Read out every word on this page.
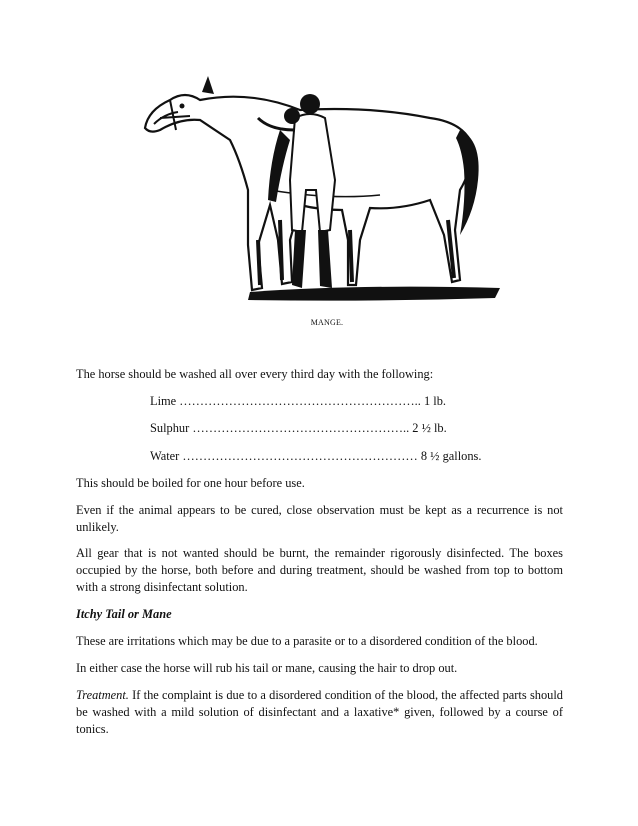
MANGE.

The horse should be washed all over every third day with the following:

Lime ………………………………………………….. 1 lb.

Sulphur …………………………………………….. 2 ½ lb.

Water ………………………………………………… 8 ½ gallons.

This should be boiled for one hour before use.

Even if the animal appears to be cured, close observation must be kept as a recurrence is not unlikely.

All gear that is not wanted should be burnt, the remainder rigorously disinfected. The boxes occupied by the horse, both before and during treatment, should be washed from top to bottom with a strong disinfectant solution.

Itchy Tail or Mane

These are irritations which may be due to a parasite or to a disordered condition of the blood.

In either case the horse will rub his tail or mane, causing the hair to drop out.

Treatment. If the complaint is due to a disordered condition of the blood, the affected parts should be washed with a mild solution of disinfectant and a laxative* given, followed by a course of tonics.
